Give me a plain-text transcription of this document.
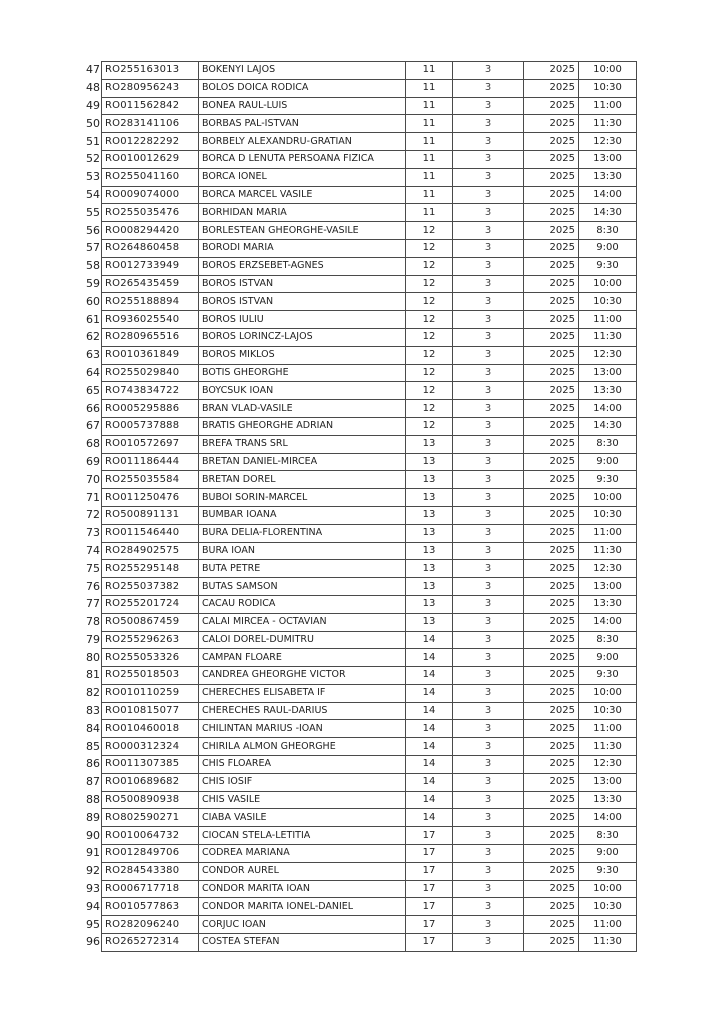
47	RO255163013	BOKENYI LAJOS	11	3	2025	10:00
48	RO280956243	BOLOS DOICA RODICA	11	3	2025	10:30
49	RO011562842	BONEA RAUL-LUIS	11	3	2025	11:00
50	RO283141106	BORBAS PAL-ISTVAN	11	3	2025	11:30
51	RO012282292	BORBELY ALEXANDRU-GRATIAN	11	3	2025	12:30
52	RO010012629	BORCA D LENUTA PERSOANA FIZICA	11	3	2025	13:00
53	RO255041160	BORCA IONEL	11	3	2025	13:30
54	RO009074000	BORCA MARCEL VASILE	11	3	2025	14:00
55	RO255035476	BORHIDAN MARIA	11	3	2025	14:30
56	RO008294420	BORLESTEAN GHEORGHE-VASILE	12	3	2025	8:30
57	RO264860458	BORODI MARIA	12	3	2025	9:00
58	RO012733949	BOROS ERZSEBET-AGNES	12	3	2025	9:30
59	RO265435459	BOROS ISTVAN	12	3	2025	10:00
60	RO255188894	BOROS ISTVAN	12	3	2025	10:30
61	RO936025540	BOROS IULIU	12	3	2025	11:00
62	RO280965516	BOROS LORINCZ-LAJOS	12	3	2025	11:30
63	RO010361849	BOROS MIKLOS	12	3	2025	12:30
64	RO255029840	BOTIS GHEORGHE	12	3	2025	13:00
65	RO743834722	BOYCSUK IOAN	12	3	2025	13:30
66	RO005295886	BRAN VLAD-VASILE	12	3	2025	14:00
67	RO005737888	BRATIS GHEORGHE ADRIAN	12	3	2025	14:30
68	RO010572697	BREFA TRANS SRL	13	3	2025	8:30
69	RO011186444	BRETAN DANIEL-MIRCEA	13	3	2025	9:00
70	RO255035584	BRETAN DOREL	13	3	2025	9:30
71	RO011250476	BUBOI SORIN-MARCEL	13	3	2025	10:00
72	RO500891131	BUMBAR IOANA	13	3	2025	10:30
73	RO011546440	BURA DELIA-FLORENTINA	13	3	2025	11:00
74	RO284902575	BURA IOAN	13	3	2025	11:30
75	RO255295148	BUTA PETRE	13	3	2025	12:30
76	RO255037382	BUTAS SAMSON	13	3	2025	13:00
77	RO255201724	CACAU RODICA	13	3	2025	13:30
78	RO500867459	CALAI MIRCEA - OCTAVIAN	13	3	2025	14:00
79	RO255296263	CALOI DOREL-DUMITRU	14	3	2025	8:30
80	RO255053326	CAMPAN FLOARE	14	3	2025	9:00
81	RO255018503	CANDREA GHEORGHE VICTOR	14	3	2025	9:30
82	RO010110259	CHERECHES ELISABETA IF	14	3	2025	10:00
83	RO010815077	CHERECHES RAUL-DARIUS	14	3	2025	10:30
84	RO010460018	CHILINTAN MARIUS -IOAN	14	3	2025	11:00
85	RO000312324	CHIRILA ALMON GHEORGHE	14	3	2025	11:30
86	RO011307385	CHIS FLOAREA	14	3	2025	12:30
87	RO010689682	CHIS IOSIF	14	3	2025	13:00
88	RO500890938	CHIS VASILE	14	3	2025	13:30
89	RO802590271	CIABA VASILE	14	3	2025	14:00
90	RO010064732	CIOCAN STELA-LETITIA	17	3	2025	8:30
91	RO012849706	CODREA MARIANA	17	3	2025	9:00
92	RO284543380	CONDOR AUREL	17	3	2025	9:30
93	RO006717718	CONDOR MARITA IOAN	17	3	2025	10:00
94	RO010577863	CONDOR MARITA IONEL-DANIEL	17	3	2025	10:30
95	RO282096240	CORJUC IOAN	17	3	2025	11:00
96	RO265272314	COSTEA STEFAN	17	3	2025	11:30
